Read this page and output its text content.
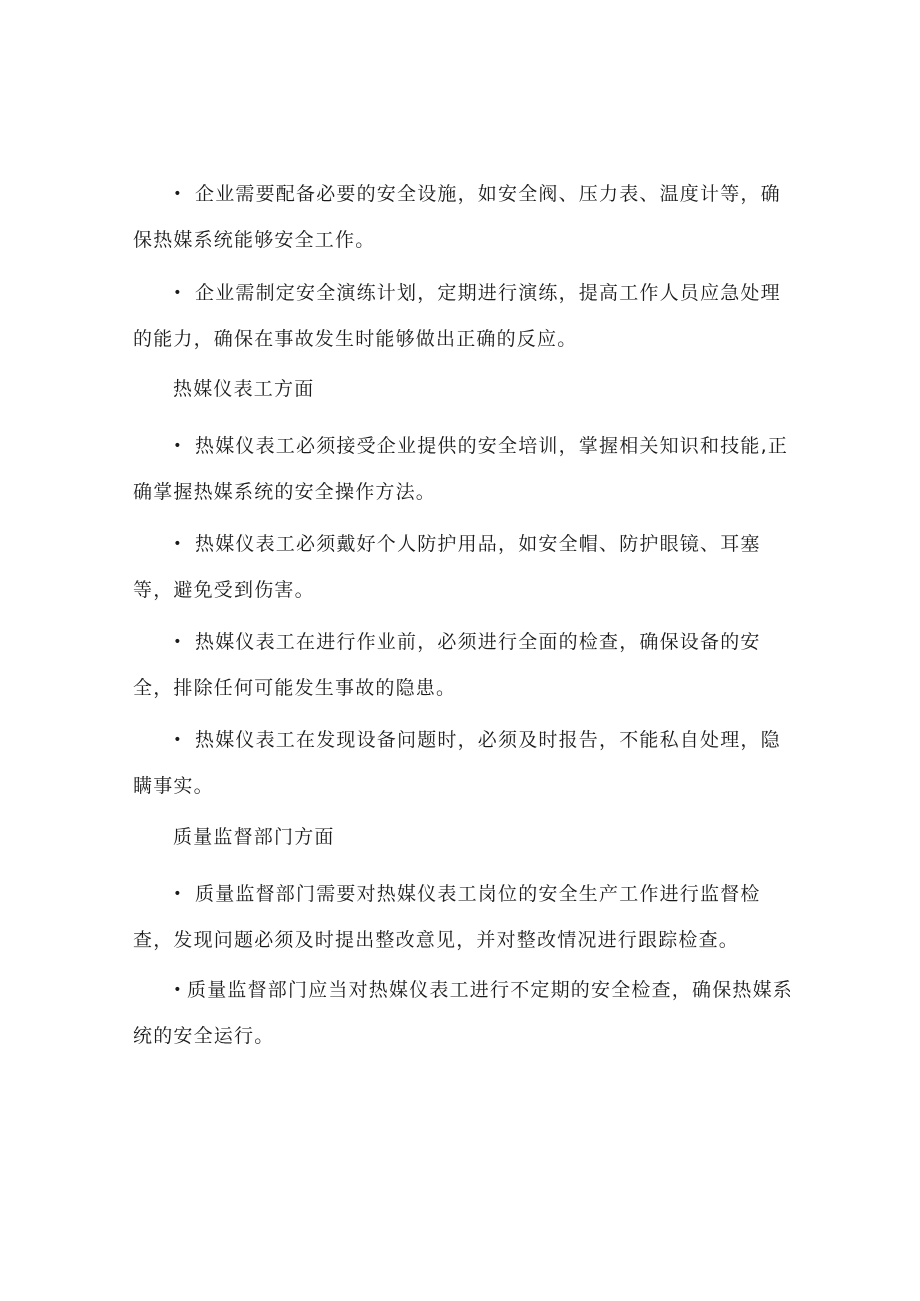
• 企业需要配备必要的安全设施，如安全阀、压力表、温度计等，确保热媒系统能够安全工作。

• 企业需制定安全演练计划，定期进行演练，提高工作人员应急处理的能力，确保在事故发生时能够做出正确的反应。

热媒仪表工方面

• 热媒仪表工必须接受企业提供的安全培训，掌握相关知识和技能,正确掌握热媒系统的安全操作方法。

• 热媒仪表工必须戴好个人防护用品，如安全帽、防护眼镜、耳塞等，避免受到伤害。

• 热媒仪表工在进行作业前，必须进行全面的检查，确保设备的安全，排除任何可能发生事故的隐患。

• 热媒仪表工在发现设备问题时，必须及时报告，不能私自处理，隐瞒事实。

质量监督部门方面

• 质量监督部门需要对热媒仪表工岗位的安全生产工作进行监督检查，发现问题必须及时提出整改意见，并对整改情况进行跟踪检查。

• 质量监督部门应当对热媒仪表工进行不定期的安全检查，确保热媒系统的安全运行。
